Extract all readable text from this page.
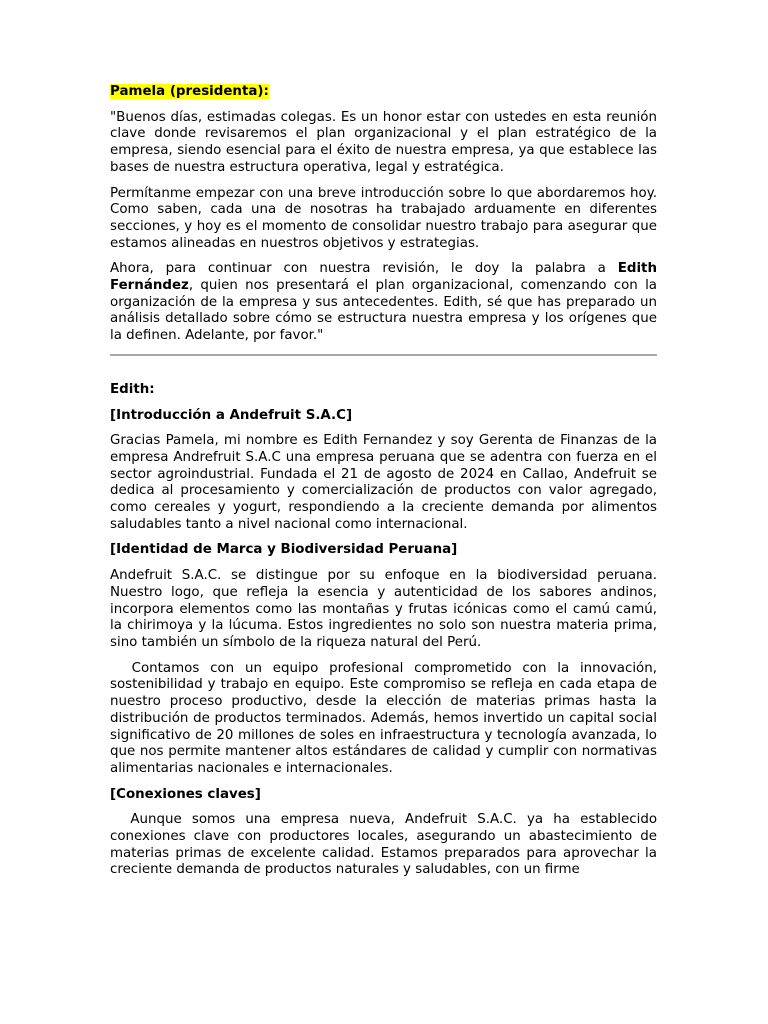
Pamela (presidenta):

"Buenos días, estimadas colegas. Es un honor estar con ustedes en esta reunión clave donde revisaremos el plan organizacional y el plan estratégico de la empresa, siendo esencial para el éxito de nuestra empresa, ya que establece las bases de nuestra estructura operativa, legal y estratégica.

Permítanme empezar con una breve introducción sobre lo que abordaremos hoy. Como saben, cada una de nosotras ha trabajado arduamente en diferentes secciones, y hoy es el momento de consolidar nuestro trabajo para asegurar que estamos alineadas en nuestros objetivos y estrategias.

Ahora, para continuar con nuestra revisión, le doy la palabra a Edith Fernández, quien nos presentará el plan organizacional, comenzando con la organización de la empresa y sus antecedentes. Edith, sé que has preparado un análisis detallado sobre cómo se estructura nuestra empresa y los orígenes que la definen. Adelante, por favor."

Edith:
[Introducción a Andefruit S.A.C]

Gracias Pamela, mi nombre es Edith Fernandez y soy Gerenta de Finanzas de la empresa Andrefruit S.A.C una empresa peruana que se adentra con fuerza en el sector agroindustrial. Fundada el 21 de agosto de 2024 en Callao, Andefruit se dedica al procesamiento y comercialización de productos con valor agregado, como cereales y yogurt, respondiendo a la creciente demanda por alimentos saludables tanto a nivel nacional como internacional.

[Identidad de Marca y Biodiversidad Peruana]

Andefruit S.A.C. se distingue por su enfoque en la biodiversidad peruana. Nuestro logo, que refleja la esencia y autenticidad de los sabores andinos, incorpora elementos como las montañas y frutas icónicas como el camú camú, la chirimoya y la lúcuma. Estos ingredientes no solo son nuestra materia prima, sino también un símbolo de la riqueza natural del Perú.

Contamos con un equipo profesional comprometido con la innovación, sostenibilidad y trabajo en equipo. Este compromiso se refleja en cada etapa de nuestro proceso productivo, desde la elección de materias primas hasta la distribución de productos terminados. Además, hemos invertido un capital social significativo de 20 millones de soles en infraestructura y tecnología avanzada, lo que nos permite mantener altos estándares de calidad y cumplir con normativas alimentarias nacionales e internacionales.

[Conexiones claves]

Aunque somos una empresa nueva, Andefruit S.A.C. ya ha establecido conexiones clave con productores locales, asegurando un abastecimiento de materias primas de excelente calidad. Estamos preparados para aprovechar la creciente demanda de productos naturales y saludables, con un firme
